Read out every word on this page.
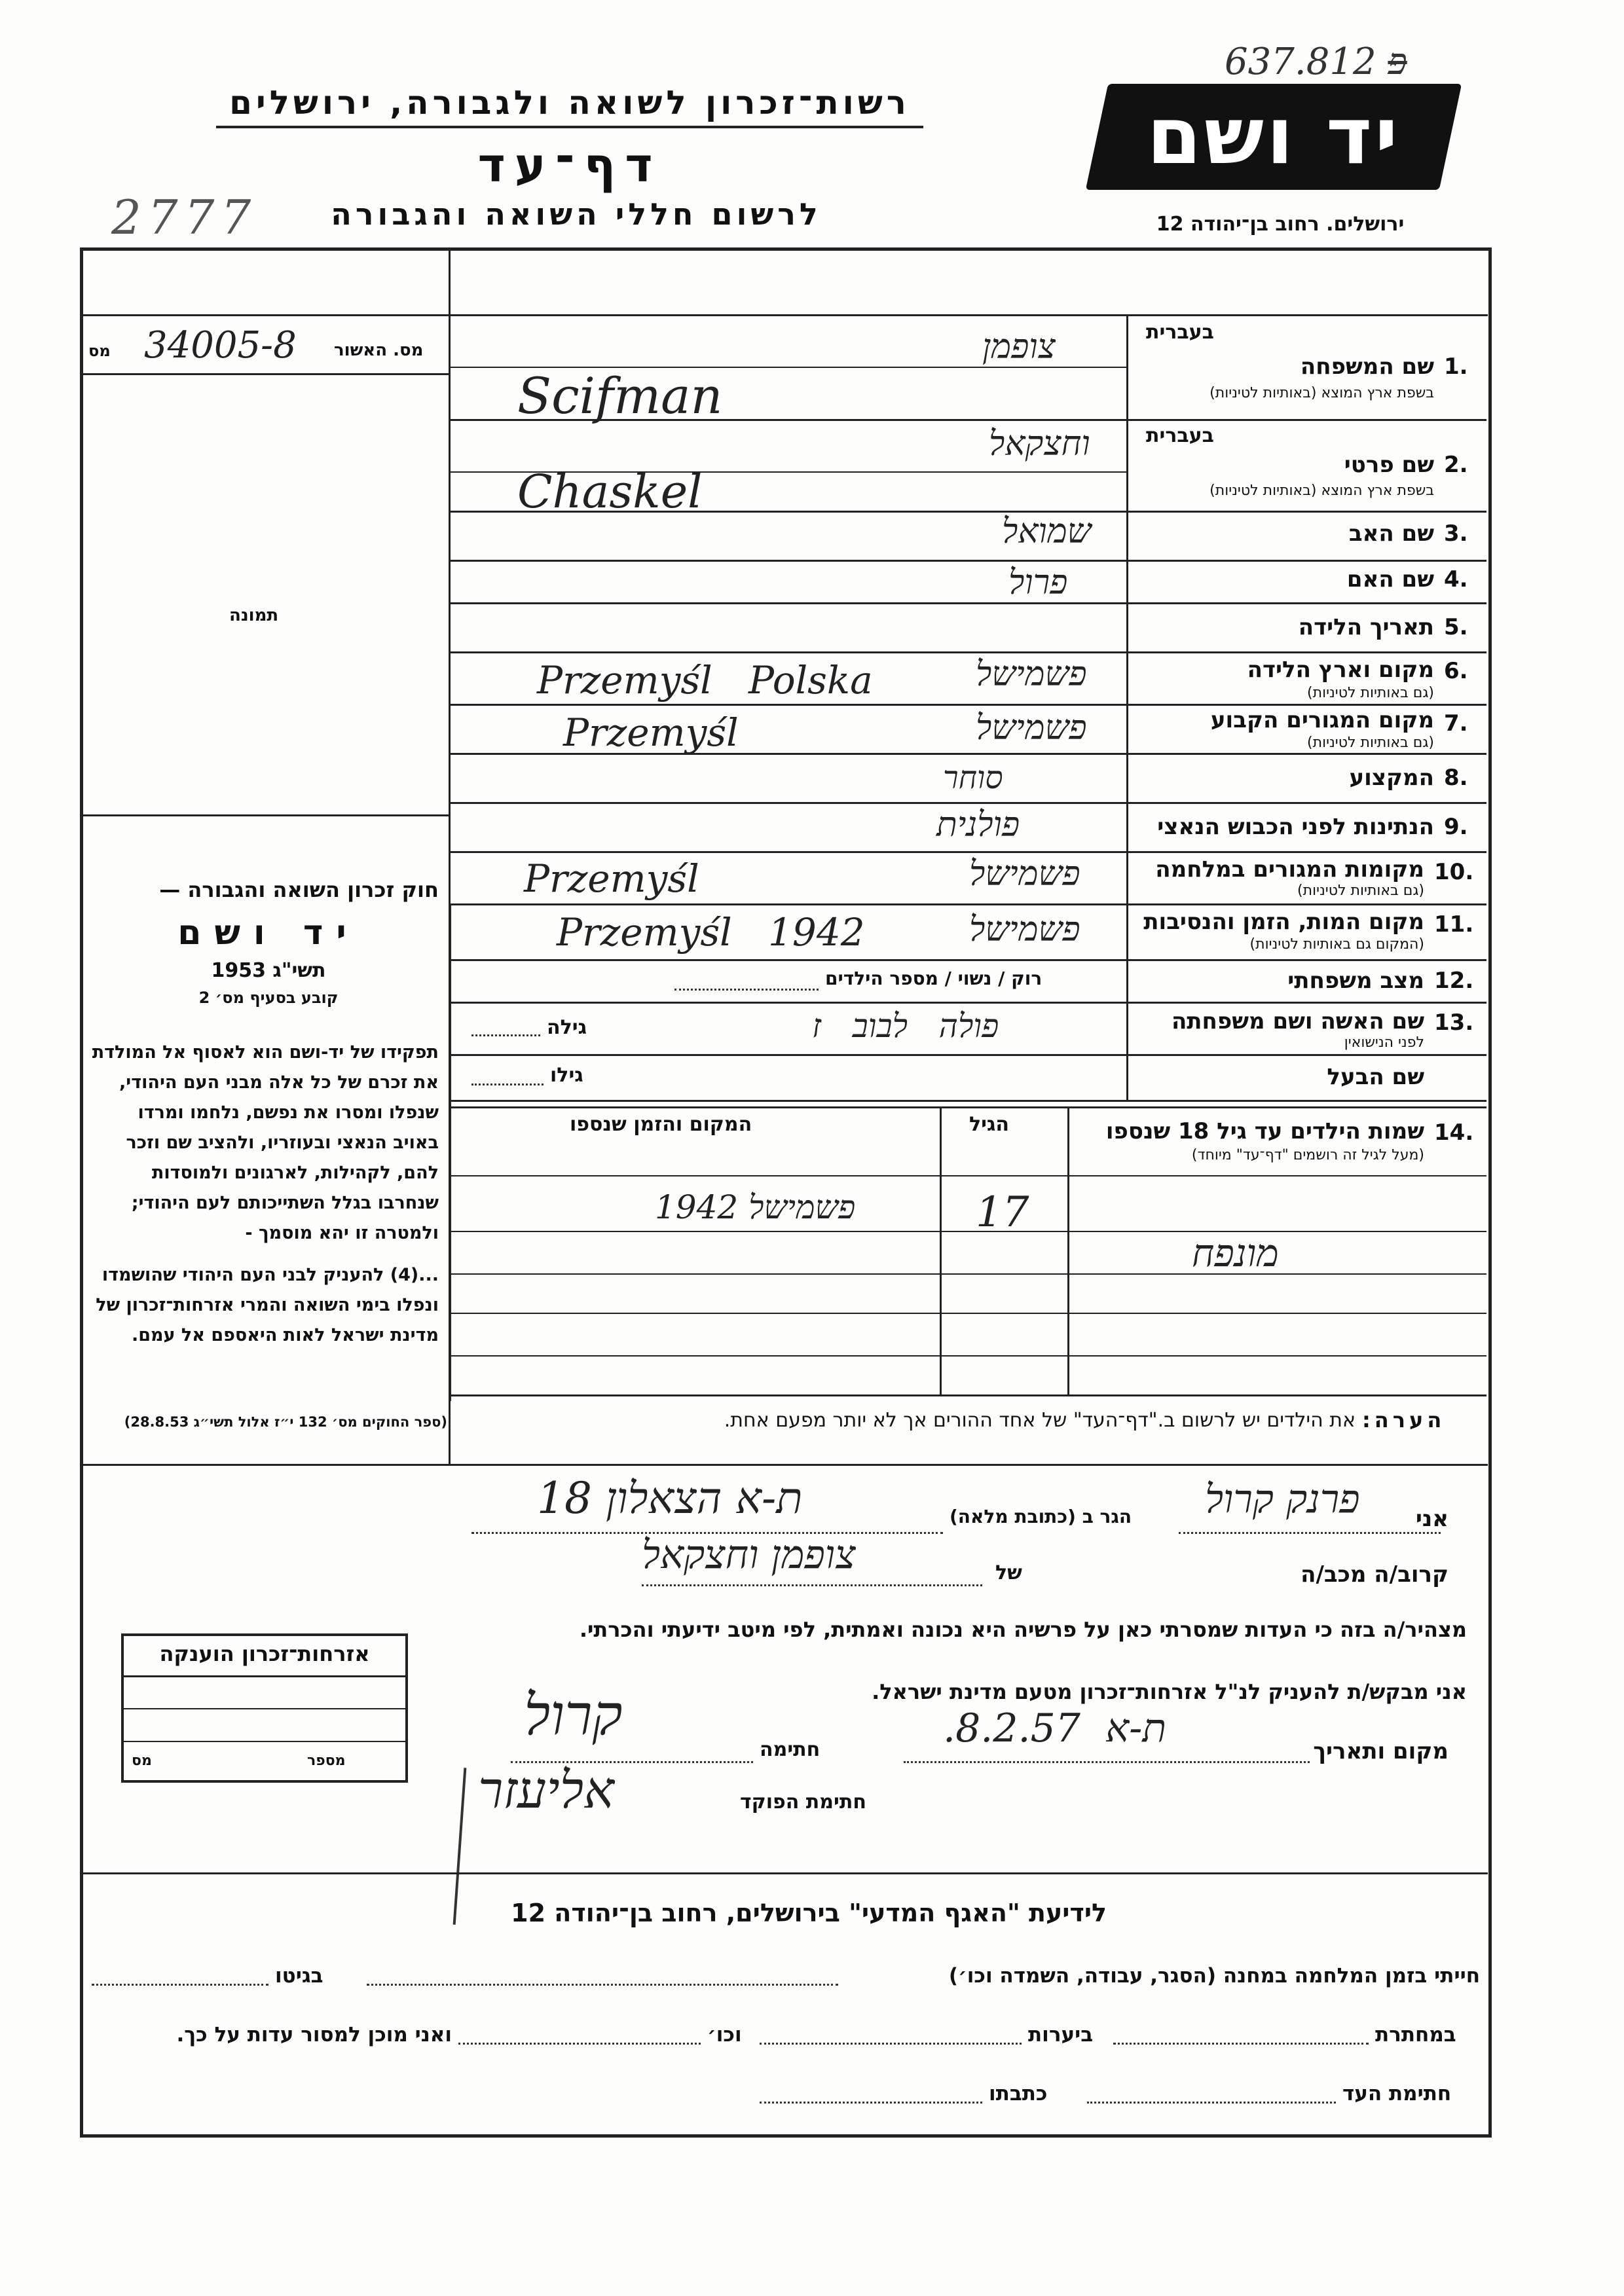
פ 637.812
רשות־זכרון לשואה ולגבורה, ירושלים
דף־עד
2777	לרשום חללי השואה והגבורה
יד ושם
ירושלים. רחוב בן־יהודה 12
מס. האשור
34005-8
מס
תמונה
בעברית
1.
שם המשפחה
בשפת ארץ המוצא (באותיות לטיניות)
צופמן
Scifman
בעברית
2.
שם פרטי
בשפת ארץ המוצא (באותיות לטיניות)
וחצקאל
Chaskel
3.
שם האב
שמואל
4.
שם האם
פרול
5.
תאריך הלידה
6.
מקום וארץ הלידה
(גם באותיות לטיניות)
פשמישל
Przemyśl   Polska
7.
מקום המגורים הקבוע
(גם באותיות לטיניות)
פשמישל
Przemyśl
8.
המקצוע
סוחר
9.
הנתינות לפני הכבוש הנאצי
פולנית
10.
מקומות המגורים במלחמה
(גם באותיות לטיניות)
פשמישל
Przemyśl
11.
מקום המות, הזמן והנסיבות
(המקום גם באותיות לטיניות)
פשמישל
Przemyśl   1942
12.
מצב משפחתי
רוק / נשוי / מספר הילדים
13.
שם האשה ושם משפחתה
לפני הנישואין
פולה   לבוב   ז
גילה
שם הבעל
גילו
14.
שמות הילדים עד גיל 18 שנספו
(מעל לגיל זה רושמים "דף־עד" מיוחד)
הגיל
המקום והזמן שנספו
מונפח
17
פשמישל 1942
חוק זכרון השואה והגבורה —
יד ושם
תשי"ג 1953
קובע בסעיף מס׳ 2
תפקידו של יד-ושם הוא לאסוף אל המולדת את זכרם של כל אלה מבני העם היהודי, שנפלו ומסרו את נפשם, נלחמו ומרדו באויב הנאצי ובעוזריו, ולהציב שם וזכר להם, לקהילות, לארגונים ולמוסדות שנחרבו בגלל השתייכותם לעם היהודי; ולמטרה זו יהא מוסמך -
...(4) להעניק לבני העם היהודי שהושמדו ונפלו בימי השואה והמרי אזרחות־זכרון של מדינת ישראל לאות היאספם אל עמם.
(ספר החוקים מס׳ 132 י״ז אלול תשי״ג 28.8.53)	הערה:
את הילדים יש לרשום ב."דף־העד" של אחד ההורים אך לא יותר מפעם אחת.
אני
פרנק קרול
הגר ב (כתובת מלאה)
ת-א הצאלון 18
קרוב/ה מכב/ה
של
צופמן וחצקאל
מצהיר/ה בזה כי העדות שמסרתי כאן על פרשיה היא נכונה ואמתית, לפי מיטב ידיעתי והכרתי.
אני מבקש/ת להעניק לנ"ל אזרחות־זכרון מטעם מדינת ישראל.
מקום ותאריך
ת-א  8.2.57.
חתימה
קרול
חתימת הפוקד
אליעזר
אזרחות־זכרון הוענקה
מספר
מס
לידיעת "האגף המדעי" בירושלים, רחוב בן־יהודה 12
חייתי בזמן המלחמה במחנה (הסגר, עבודה, השמדה וכו׳)
בגיטו
במחתרת
ביערות
וכו׳
ואני מוכן למסור עדות על כך.
חתימת העד
כתבתו
